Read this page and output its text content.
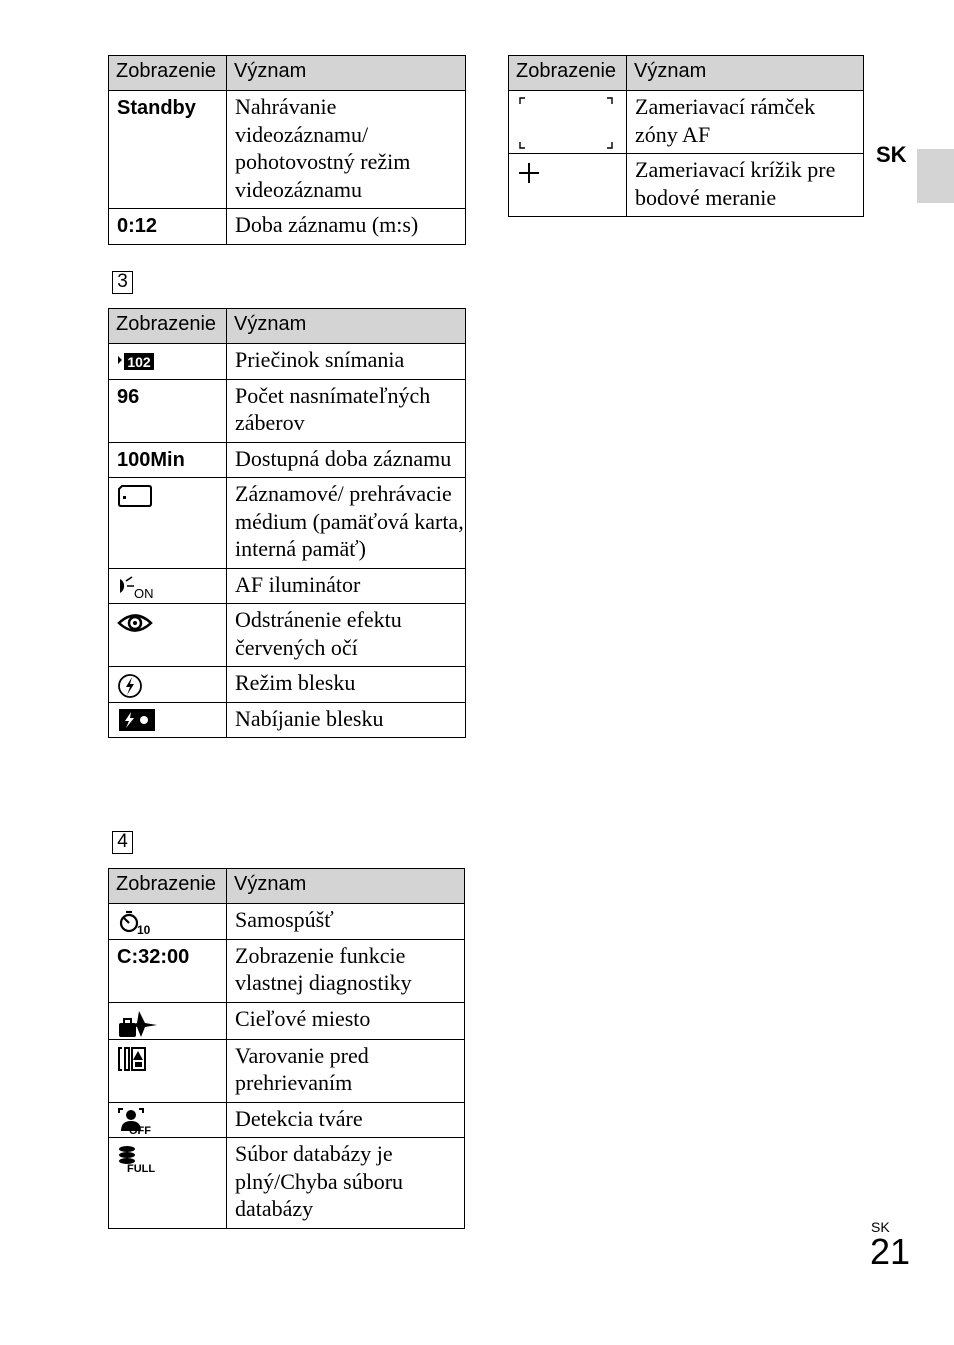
Zobrazenie	Význam
Standby	Nahrávanie videozáznamu/ pohotovostný režim videozáznamu
0:12	Doba záznamu (m:s)
3
Zobrazenie	Význam

102	Priečinok snímania
96	Počet nasnímateľných záberov
100Min	Dostupná doba záznamu

	Záznamové/ prehrávacie médium (pamäťová karta, interná pamäť)

ON	AF iluminátor

	Odstránenie efektu červených očí

	Režim blesku

	Nabíjanie blesku
4
Zobrazenie	Význam

10	Samospúšť
C:32:00	Zobrazenie funkcie vlastnej diagnostiky

	Cieľové miesto

	Varovanie pred prehrievaním

OFF	Detekcia tváre

FULL	Súbor databázy je plný/Chyba súboru databázy
Zobrazenie	Význam

	Zameriavací rámček zóny AF

	Zameriavací krížik pre bodové meranie
SK
SK
21
